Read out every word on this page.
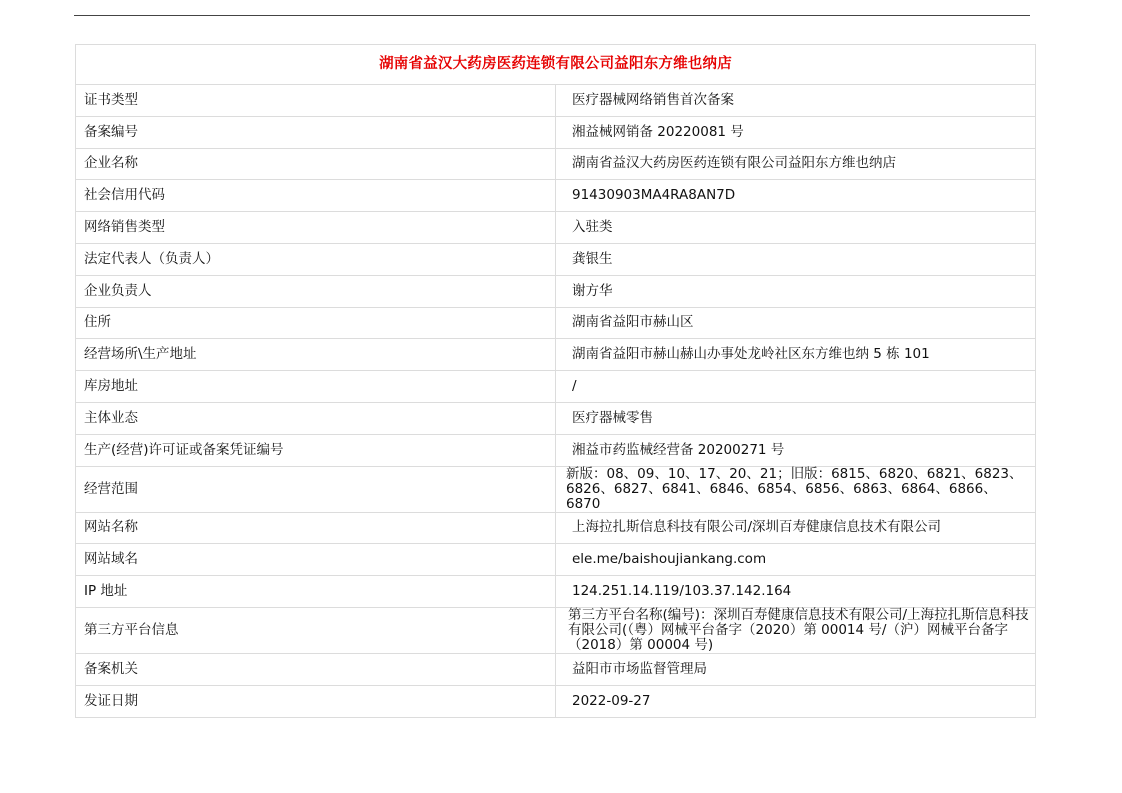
湖南省益汉大药房医药连锁有限公司益阳东方维也纳店	
证书类型	医疗器械网络销售首次备案
备案编号	湘益械网销备 20220081 号
企业名称	湖南省益汉大药房医药连锁有限公司益阳东方维也纳店
社会信用代码	91430903MA4RA8AN7D
网络销售类型	入驻类
法定代表人（负责人）	龚银生
企业负责人	谢方华
住所	湖南省益阳市赫山区
经营场所\生产地址	湖南省益阳市赫山赫山办事处龙岭社区东方维也纳 5 栋 101
库房地址	/
主体业态	医疗器械零售
生产(经营)许可证或备案凭证编号	湘益市药监械经营备 20200271 号
经营范围	新版：08、09、10、17、20、21；旧版：6815、6820、6821、6823、6826、6827、6841、6846、6854、6856、6863、6864、6866、6870
网站名称	上海拉扎斯信息科技有限公司/深圳百寿健康信息技术有限公司
网站域名	ele.me/baishoujiankang.com
IP 地址	124.251.14.119/103.37.142.164
第三方平台信息	第三方平台名称(编号)：深圳百寿健康信息技术有限公司/上海拉扎斯信息科技有限公司(（粤）网械平台备字（2020）第 00014 号/（沪）网械平台备字（2018）第 00004 号)
备案机关	益阳市市场监督管理局
发证日期	2022-09-27
